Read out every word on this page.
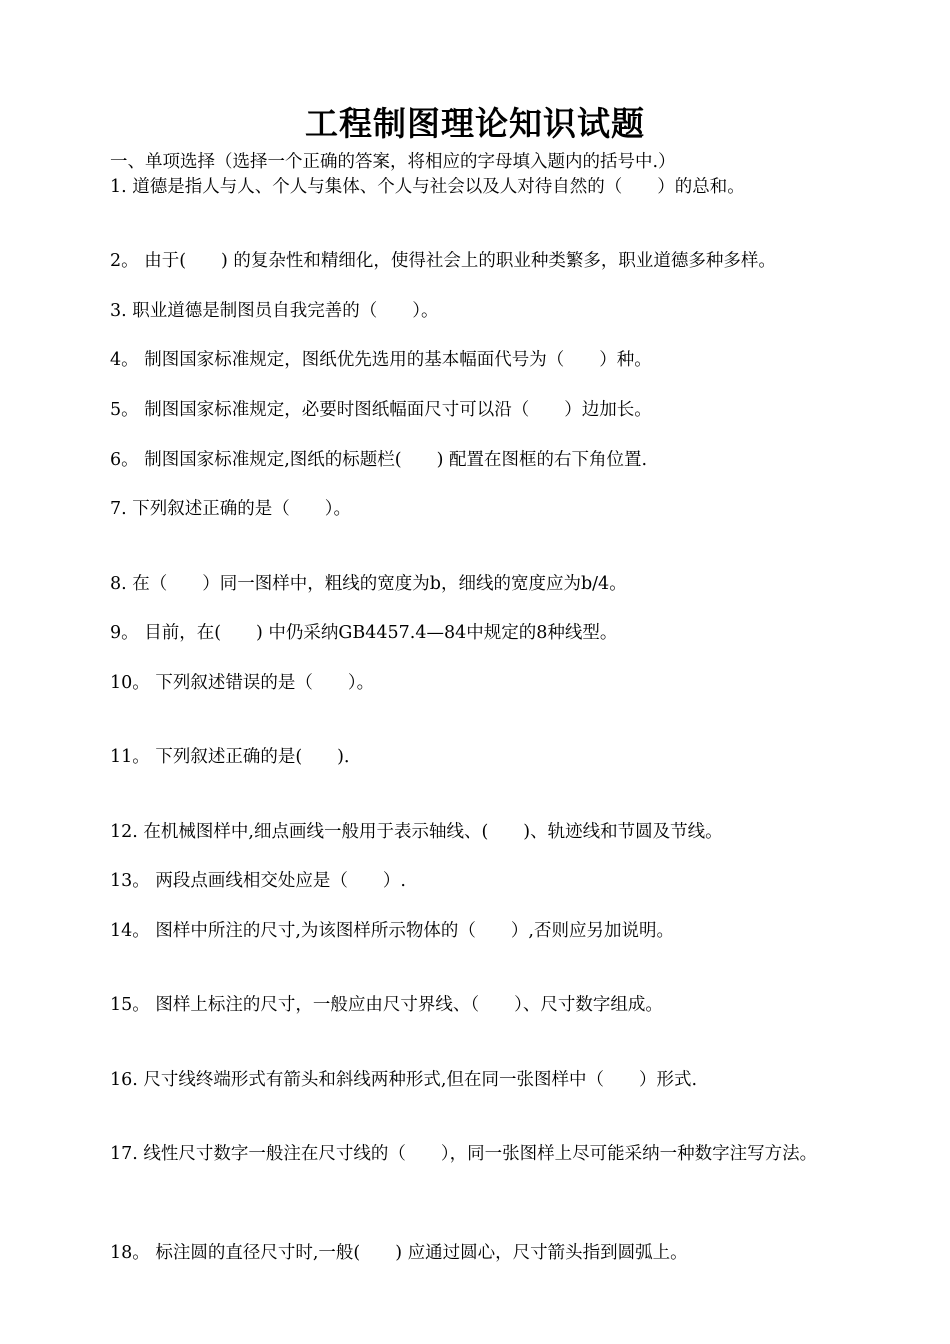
工程制图理论知识试题
一、单项选择（选择一个正确的答案，将相应的字母填入题内的括号中.）
1. 道德是指人与人、个人与集体、个人与社会以及人对待自然的（　　）的总和。
2。 由于(　　) 的复杂性和精细化，使得社会上的职业种类繁多，职业道德多种多样。
3. 职业道德是制图员自我完善的（　　）。
4。 制图国家标准规定，图纸优先选用的基本幅面代号为（　　）种。
5。 制图国家标准规定，必要时图纸幅面尺寸可以沿（　　）边加长。
6。 制图国家标准规定,图纸的标题栏(　　) 配置在图框的右下角位置.
7. 下列叙述正确的是（　　）。
8. 在（　　）同一图样中，粗线的宽度为b，细线的宽度应为b/4。
9。 目前，在(　　) 中仍采纳GB4457.4—84中规定的8种线型。
10。 下列叙述错误的是（　　）。
11。 下列叙述正确的是(　　)．
12. 在机械图样中,细点画线一般用于表示轴线、(　　)、轨迹线和节圆及节线。
13。 两段点画线相交处应是（　　）.
14。 图样中所注的尺寸,为该图样所示物体的（　　）,否则应另加说明。
15。 图样上标注的尺寸，一般应由尺寸界线、（　　）、尺寸数字组成。
16. 尺寸线终端形式有箭头和斜线两种形式,但在同一张图样中（　　）形式.
17. 线性尺寸数字一般注在尺寸线的（　　），同一张图样上尽可能采纳一种数字注写方法。
18。 标注圆的直径尺寸时,一般(　　) 应通过圆心，尺寸箭头指到圆弧上。
